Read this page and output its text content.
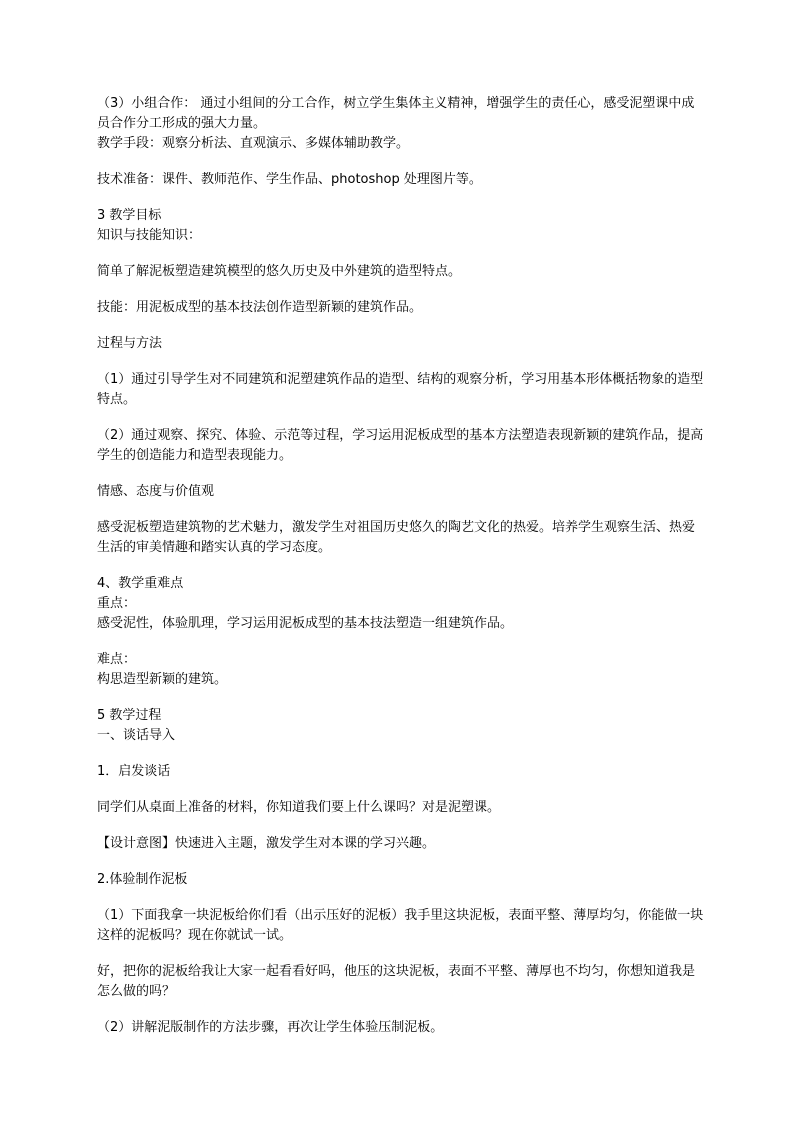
（3）小组合作： 通过小组间的分工合作，树立学生集体主义精神，增强学生的责任心，感受泥塑课中成员合作分工形成的强大力量。

教学手段：观察分析法、直观演示、多媒体辅助教学。

技术准备：课件、教师范作、学生作品、photoshop 处理图片等。

3 教学目标

知识与技能知识：

简单了解泥板塑造建筑模型的悠久历史及中外建筑的造型特点。

技能：用泥板成型的基本技法创作造型新颖的建筑作品。

过程与方法

（1）通过引导学生对不同建筑和泥塑建筑作品的造型、结构的观察分析，学习用基本形体概括物象的造型特点。

（2）通过观察、探究、体验、示范等过程，学习运用泥板成型的基本方法塑造表现新颖的建筑作品，提高学生的创造能力和造型表现能力。

情感、态度与价值观

感受泥板塑造建筑物的艺术魅力，激发学生对祖国历史悠久的陶艺文化的热爱。培养学生观察生活、热爱生活的审美情趣和踏实认真的学习态度。

4、教学重难点

重点：

感受泥性，体验肌理，学习运用泥板成型的基本技法塑造一组建筑作品。

难点：

构思造型新颖的建筑。

5 教学过程

一、谈话导入

1．启发谈话

同学们从桌面上准备的材料，你知道我们要上什么课吗？对是泥塑课。

【设计意图】快速进入主题，激发学生对本课的学习兴趣。

2.体验制作泥板

（1）下面我拿一块泥板给你们看（出示压好的泥板）我手里这块泥板，表面平整、薄厚均匀，你能做一块这样的泥板吗？现在你就试一试。

好，把你的泥板给我让大家一起看看好吗，他压的这块泥板，表面不平整、薄厚也不均匀，你想知道我是怎么做的吗？

（2）讲解泥版制作的方法步骤，再次让学生体验压制泥板。
